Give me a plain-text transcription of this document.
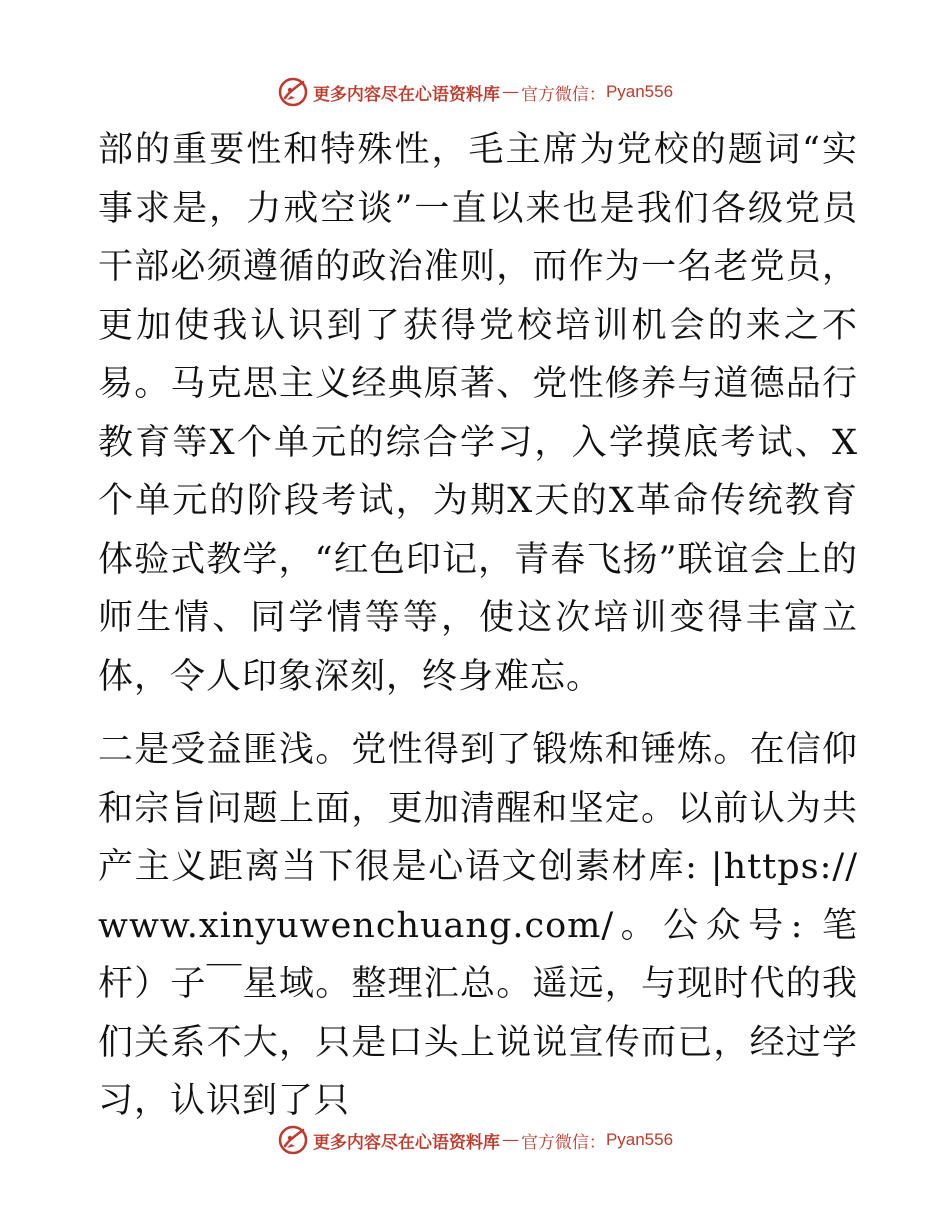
更多内容尽在心语资料库 — 官方微信： Pyan556

部的重要性和特殊性，毛主席为党校的题词“实事求是，力戒空谈”一直以来也是我们各级党员干部必须遵循的政治准则，而作为一名老党员，更加使我认识到了获得党校培训机会的来之不易。马克思主义经典原著、党性修养与道德品行教育等X个单元的综合学习，入学摸底考试、X个单元的阶段考试，为期X天的X革命传统教育体验式教学，“红色印记，青春飞扬”联谊会上的师生情、同学情等等，使这次培训变得丰富立体，令人印象深刻，终身难忘。

二是受益匪浅。党性得到了锻炼和锤炼。在信仰和宗旨问题上面，更加清醒和坚定。以前认为共产主义距离当下很是心语文创素材库: |https://www.xinyuwenchuang.com/。公众号: 笔杆）子￣星域。整理汇总。遥远，与现时代的我们关系不大，只是口头上说说宣传而已，经过学习，认识到了只

更多内容尽在心语资料库 — 官方微信： Pyan556
